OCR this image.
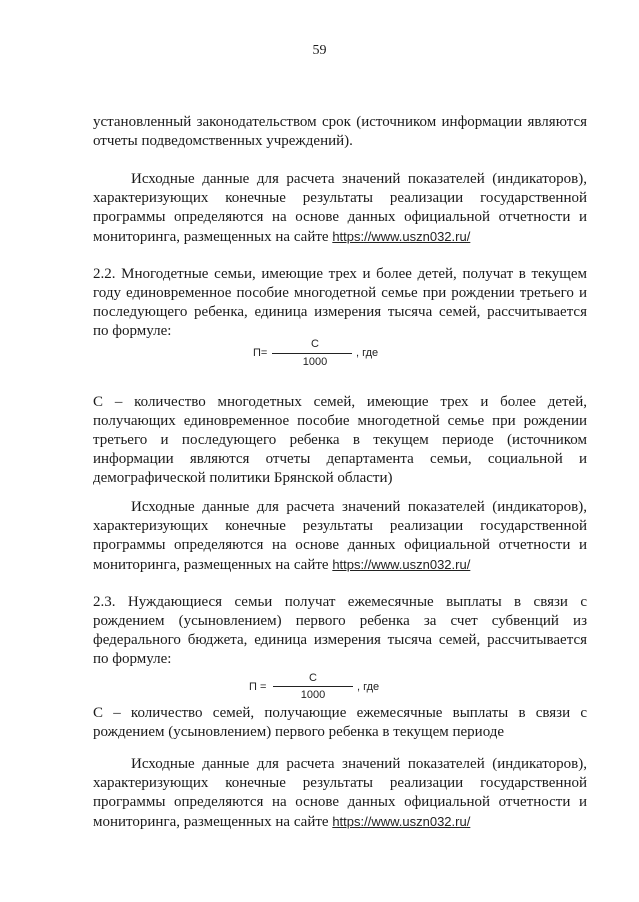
59
установленный законодательством срок (источником информации являются
отчеты подведомственных учреждений).
Исходные данные для расчета значений показателей (индикаторов),
характеризующих конечные результаты реализации государственной
программы определяются на основе данных официальной отчетности и
мониторинга, размещенных на сайте https://www.uszn032.ru/
2.2. Многодетные семьи, имеющие трех и более детей, получат в текущем
году единовременное пособие многодетной семье при рождении третьего и
последующего ребенка, единица измерения тысяча семей, рассчитывается
по формуле:
П=
С
1000
, где
С – количество многодетных семей, имеющие трех и более детей,
получающих единовременное пособие многодетной семье при рождении
третьего и последующего ребенка в текущем периоде (источником
информации являются отчеты департамента семьи, социальной и
демографической политики Брянской области)
Исходные данные для расчета значений показателей (индикаторов),
характеризующих конечные результаты реализации государственной
программы определяются на основе данных официальной отчетности и
мониторинга, размещенных на сайте https://www.uszn032.ru/
2.3. Нуждающиеся семьи получат ежемесячные выплаты в связи с
рождением (усыновлением) первого ребенка за счет субвенций из
федерального бюджета, единица измерения тысяча семей, рассчитывается
по формуле:
П =
С
1000
, где
С – количество семей, получающие ежемесячные выплаты в связи с
рождением (усыновлением) первого ребенка в текущем периоде
Исходные данные для расчета значений показателей (индикаторов),
характеризующих конечные результаты реализации государственной
программы определяются на основе данных официальной отчетности и
мониторинга, размещенных на сайте https://www.uszn032.ru/
